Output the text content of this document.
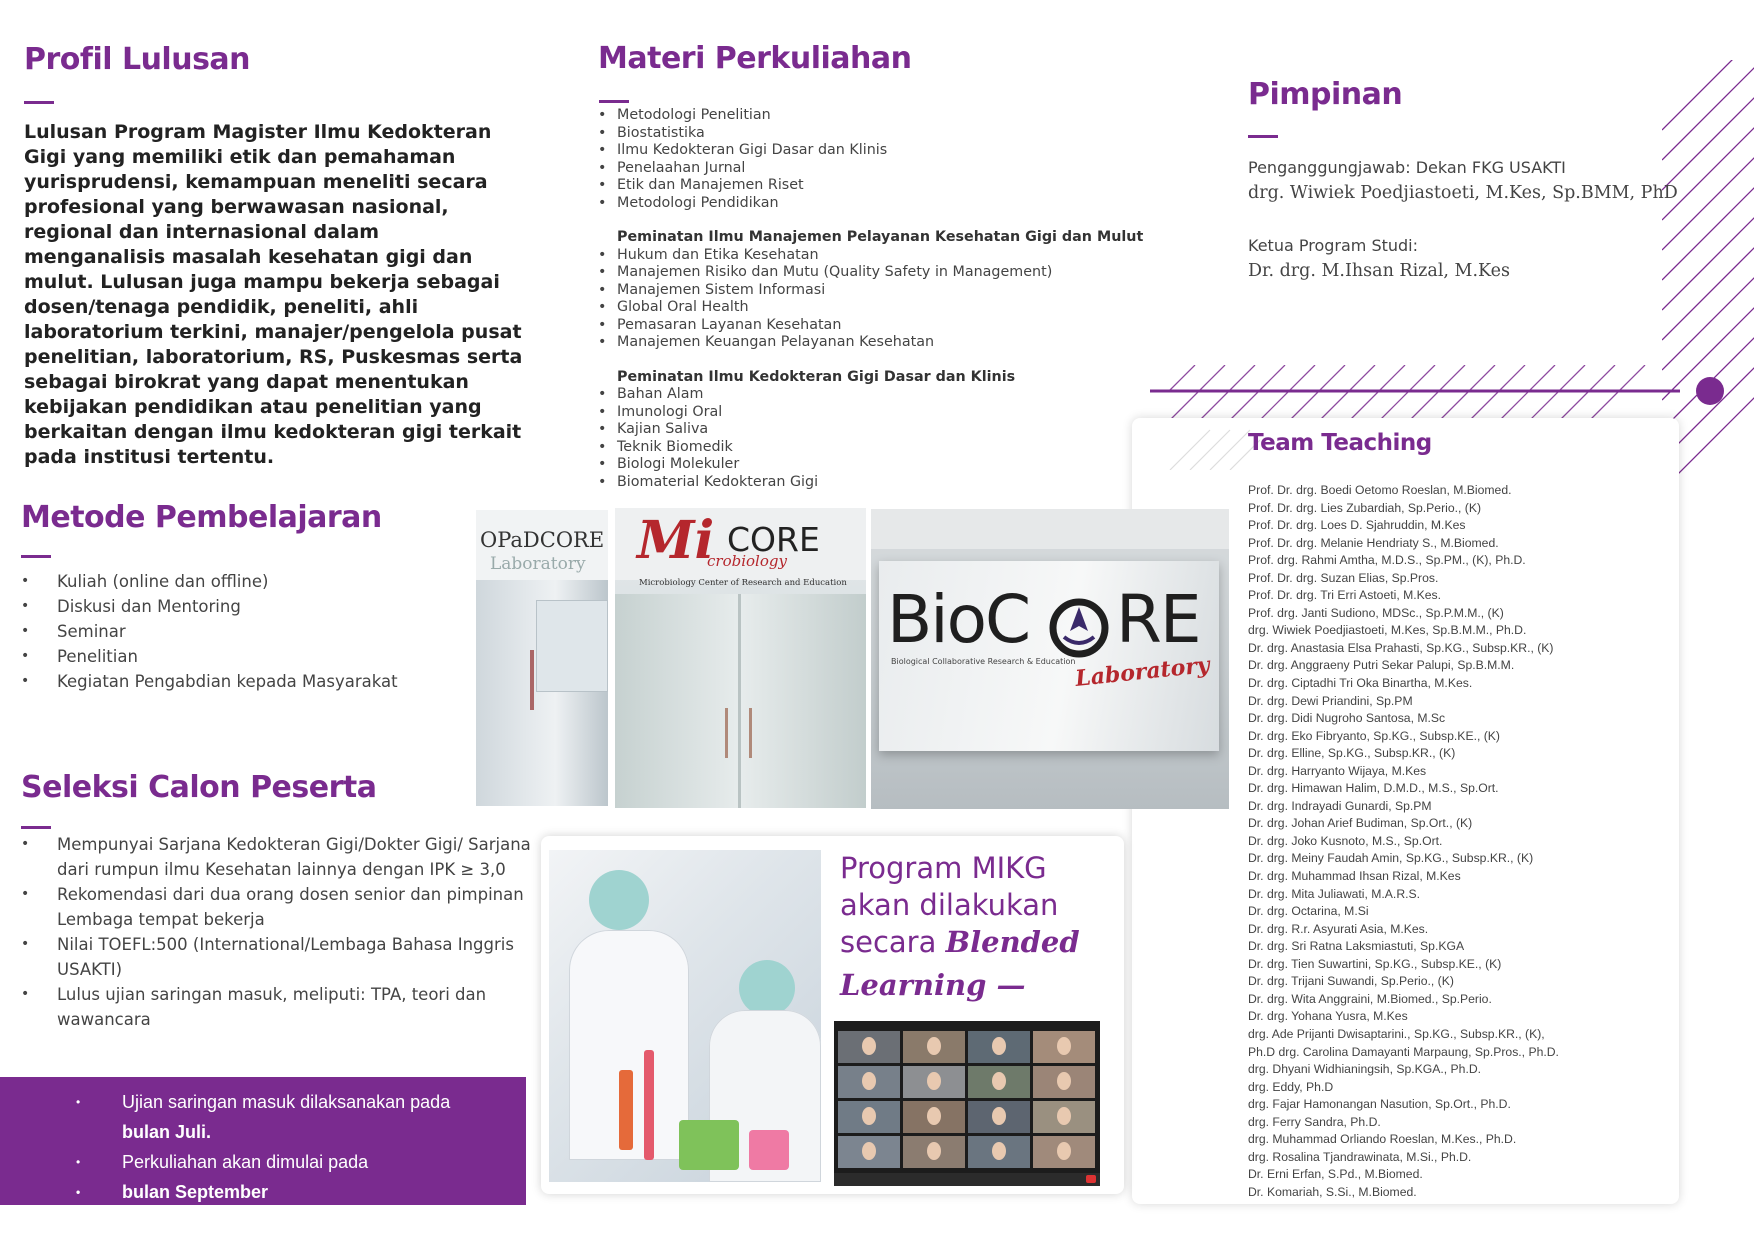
Profil Lulusan
Lulusan Program Magister Ilmu Kedokteran Gigi yang memiliki etik dan pemahaman yurisprudensi, kemampuan meneliti secara profesional yang berwawasan nasional, regional dan internasional dalam menganalisis masalah kesehatan gigi dan mulut. Lulusan juga mampu bekerja sebagai dosen/tenaga pendidik, peneliti, ahli laboratorium terkini, manajer/pengelola pusat penelitian, laboratorium, RS, Puskesmas serta sebagai birokrat yang dapat menentukan kebijakan pendidikan atau penelitian yang berkaitan dengan ilmu kedokteran gigi terkait pada institusi tertentu.
Materi Perkuliahan
• Metodologi Penelitian
• Biostatistika
• Ilmu Kedokteran Gigi Dasar dan Klinis
• Penelaahan Jurnal
• Etik dan Manajemen Riset
• Metodologi Pendidikan
Peminatan Ilmu Manajemen Pelayanan Kesehatan Gigi dan Mulut
• Hukum dan Etika Kesehatan
• Manajemen Risiko dan Mutu (Quality Safety in Management)
• Manajemen Sistem Informasi
• Global Oral Health
• Pemasaran Layanan Kesehatan
• Manajemen Keuangan Pelayanan Kesehatan
Peminatan Ilmu Kedokteran Gigi Dasar dan Klinis
• Bahan Alam
• Imunologi Oral
• Kajian Saliva
• Teknik Biomedik
• Biologi Molekuler
• Biomaterial Kedokteran Gigi
Metode Pembelajaran
• Kuliah (online dan offline)
• Diskusi dan Mentoring
• Seminar
• Penelitian
• Kegiatan Pengabdian kepada Masyarakat
Seleksi Calon Peserta
• Mempunyai Sarjana Kedokteran Gigi/Dokter Gigi/ Sarjana dari rumpun ilmu Kesehatan lainnya dengan IPK ≥ 3,0
• Rekomendasi dari dua orang dosen senior dan pimpinan Lembaga tempat bekerja
• Nilai TOEFL:500 (International/Lembaga Bahasa Inggris USAKTI)
• Lulus ujian saringan masuk, meliputi: TPA, teori dan wawancara
• Ujian saringan masuk dilaksanakan pada
bulan Juli.
• Perkuliahan akan dimulai pada
• bulan September
Pimpinan
Penganggungjawab: Dekan FKG USAKTI
drg. Wiwiek Poedjiastoeti, M.Kes, Sp.BMM, PhD
Ketua Program Studi:
Dr. drg. M.Ihsan Rizal, M.Kes
Team Teaching
Prof. Dr. drg. Boedi Oetomo Roeslan, M.Biomed.
Prof. Dr. drg. Lies Zubardiah, Sp.Perio., (K)
Prof. Dr. drg. Loes D. Sjahruddin, M.Kes
Prof. Dr. drg. Melanie Hendriaty S., M.Biomed.
Prof. drg. Rahmi Amtha, M.D.S., Sp.PM., (K), Ph.D.
Prof. Dr. drg. Suzan Elias, Sp.Pros.
Prof. Dr. drg. Tri Erri Astoeti, M.Kes.
Prof. drg. Janti Sudiono, MDSc., Sp.P.M.M., (K)
drg. Wiwiek Poedjiastoeti, M.Kes, Sp.B.M.M., Ph.D.
Dr. drg. Anastasia Elsa Prahasti, Sp.KG., Subsp.KR., (K)
Dr. drg. Anggraeny Putri Sekar Palupi, Sp.B.M.M.
Dr. drg. Ciptadhi Tri Oka Binartha, M.Kes.
Dr. drg. Dewi Priandini, Sp.PM
Dr. drg. Didi Nugroho Santosa, M.Sc
Dr. drg. Eko Fibryanto, Sp.KG., Subsp.KE., (K)
Dr. drg. Elline, Sp.KG., Subsp.KR., (K)
Dr. drg. Harryanto Wijaya, M.Kes
Dr. drg. Himawan Halim, D.M.D., M.S., Sp.Ort.
Dr. drg. Indrayadi Gunardi, Sp.PM
Dr. drg. Johan Arief Budiman, Sp.Ort., (K)
Dr. drg. Joko Kusnoto, M.S., Sp.Ort.
Dr. drg. Meiny Faudah Amin, Sp.KG., Subsp.KR., (K)
Dr. drg. Muhammad Ihsan Rizal, M.Kes
Dr. drg. Mita Juliawati, M.A.R.S.
Dr. drg. Octarina, M.Si
Dr. drg. R.r. Asyurati Asia, M.Kes.
Dr. drg. Sri Ratna Laksmiastuti, Sp.KGA
Dr. drg. Tien Suwartini, Sp.KG., Subsp.KE., (K)
Dr. drg. Trijani Suwandi, Sp.Perio., (K)
Dr. drg. Wita Anggraini, M.Biomed., Sp.Perio.
Dr. drg. Yohana Yusra, M.Kes
drg. Ade Prijanti Dwisaptarini., Sp.KG., Subsp.KR., (K),
Ph.D drg. Carolina Damayanti Marpaung, Sp.Pros., Ph.D.
drg. Dhyani Widhianingsih, Sp.KGA., Ph.D.
drg. Eddy, Ph.D
drg. Fajar Hamonangan Nasution, Sp.Ort., Ph.D.
drg. Ferry Sandra, Ph.D.
drg. Muhammad Orliando Roeslan, M.Kes., Ph.D.
drg. Rosalina Tjandrawinata, M.Si., Ph.D.
Dr. Erni Erfan, S.Pd., M.Biomed.
Dr. Komariah, S.Si., M.Biomed.
OPaDCORE
Laboratory Mi CORE
crobiology
Microbiology Center of Research and Education BioC RE
Biological Collaborative Research & Education
Laboratory
Program MIKG
akan dilakukan
secara Blended
Learning —
